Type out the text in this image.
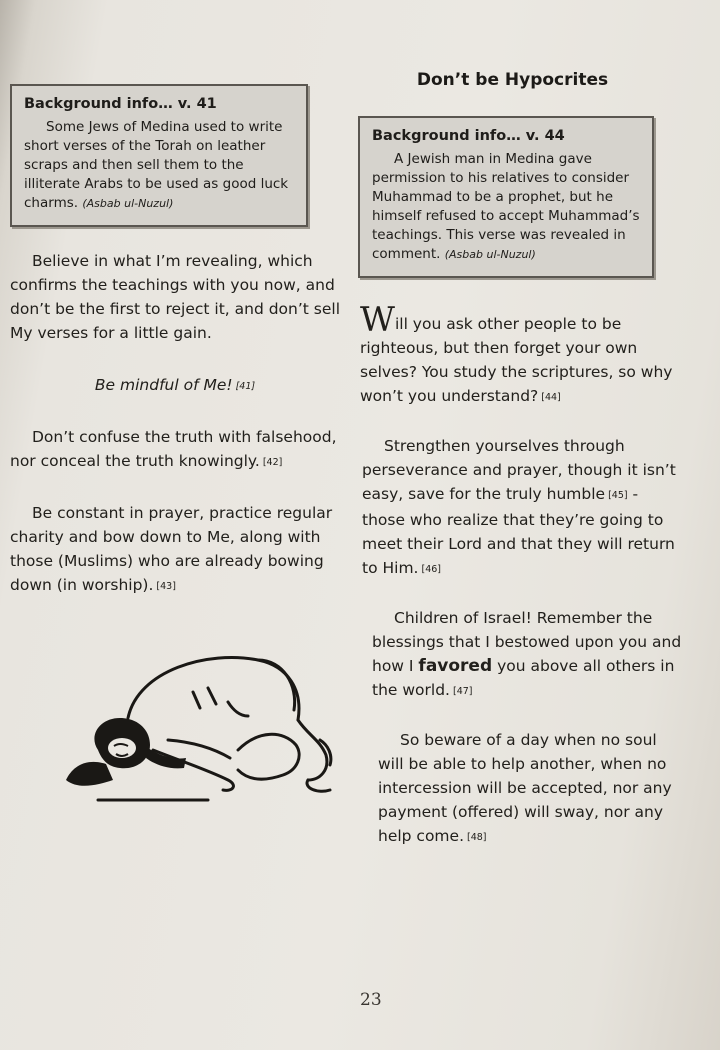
Background info… v. 41
Some Jews of Medina used to write short verses of the Torah on leather scraps and then sell them to the illiterate Arabs to be used as good luck charms. (Asbab ul-Nuzul)
Believe in what I’m revealing, which confirms the teachings with you now, and don’t be the first to reject it, and don’t sell My verses for a little gain.
Be mindful of Me! [41]
Don’t confuse the truth with falsehood, nor conceal the truth knowingly. [42]
Be constant in prayer, practice regular charity and bow down to Me, along with those (Muslims) who are already bowing down (in worship). [43]
Don’t be Hypocrites
Background info… v. 44
A Jewish man in Medina gave permission to his relatives to consider Muhammad to be a prophet, but he himself refused to accept Muhammad’s teachings. This verse was revealed in comment. (Asbab ul-Nuzul)
Will you ask other people to be righteous, but then forget your own selves? You study the scriptures, so why won’t you understand? [44]
Strengthen yourselves through perseverance and prayer, though it isn’t easy, save for the truly humble [45] - those who realize that they’re going to meet their Lord and that they will return to Him. [46]
Children of Israel! Remember the blessings that I bestowed upon you and how I favored you above all others in the world. [47]
So beware of a day when no soul will be able to help another, when no intercession will be accepted, nor any payment (offered) will sway, nor any help come. [48]
23
